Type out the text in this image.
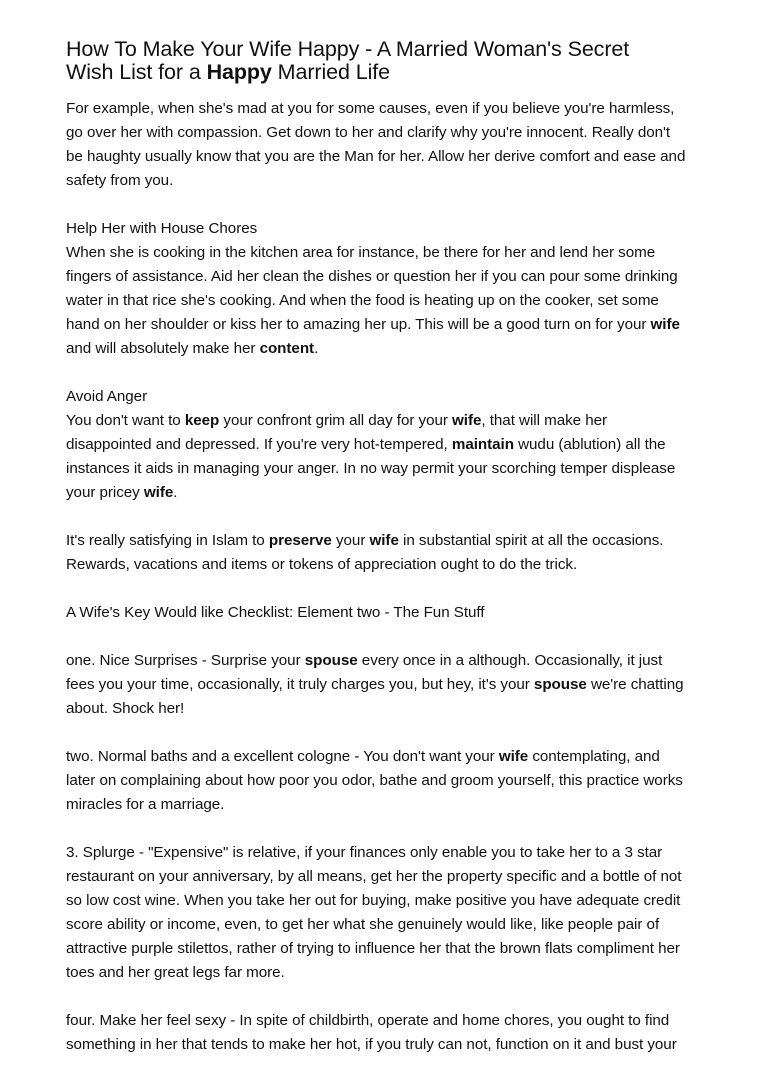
How To Make Your Wife Happy - A Married Woman's Secret
Wish List for a Happy Married Life
For example, when she's mad at you for some causes, even if you believe you're harmless,
go over her with compassion. Get down to her and clarify why you're innocent. Really don't
be haughty usually know that you are the Man for her. Allow her derive comfort and ease and
safety from you.
Help Her with House Chores
When she is cooking in the kitchen area for instance, be there for her and lend her some
fingers of assistance. Aid her clean the dishes or question her if you can pour some drinking
water in that rice she's cooking. And when the food is heating up on the cooker, set some
hand on her shoulder or kiss her to amazing her up. This will be a good turn on for your wife
and will absolutely make her content.
Avoid Anger
You don't want to keep your confront grim all day for your wife, that will make her
disappointed and depressed. If you're very hot-tempered, maintain wudu (ablution) all the
instances it aids in managing your anger. In no way permit your scorching temper displease
your pricey wife.
It's really satisfying in Islam to preserve your wife in substantial spirit at all the occasions.
Rewards, vacations and items or tokens of appreciation ought to do the trick.
A Wife's Key Would like Checklist: Element two - The Fun Stuff
one. Nice Surprises - Surprise your spouse every once in a although. Occasionally, it just
fees you your time, occasionally, it truly charges you, but hey, it's your spouse we're chatting
about. Shock her!
two. Normal baths and a excellent cologne - You don't want your wife contemplating, and
later on complaining about how poor you odor, bathe and groom yourself, this practice works
miracles for a marriage.
3. Splurge - "Expensive" is relative, if your finances only enable you to take her to a 3 star
restaurant on your anniversary, by all means, get her the property specific and a bottle of not
so low cost wine. When you take her out for buying, make positive you have adequate credit
score ability or income, even, to get her what she genuinely would like, like people pair of
attractive purple stilettos, rather of trying to influence her that the brown flats compliment her
toes and her great legs far more.
four. Make her feel sexy - In spite of childbirth, operate and home chores, you ought to find
something in her that tends to make her hot, if you truly can not, function on it and bust your
